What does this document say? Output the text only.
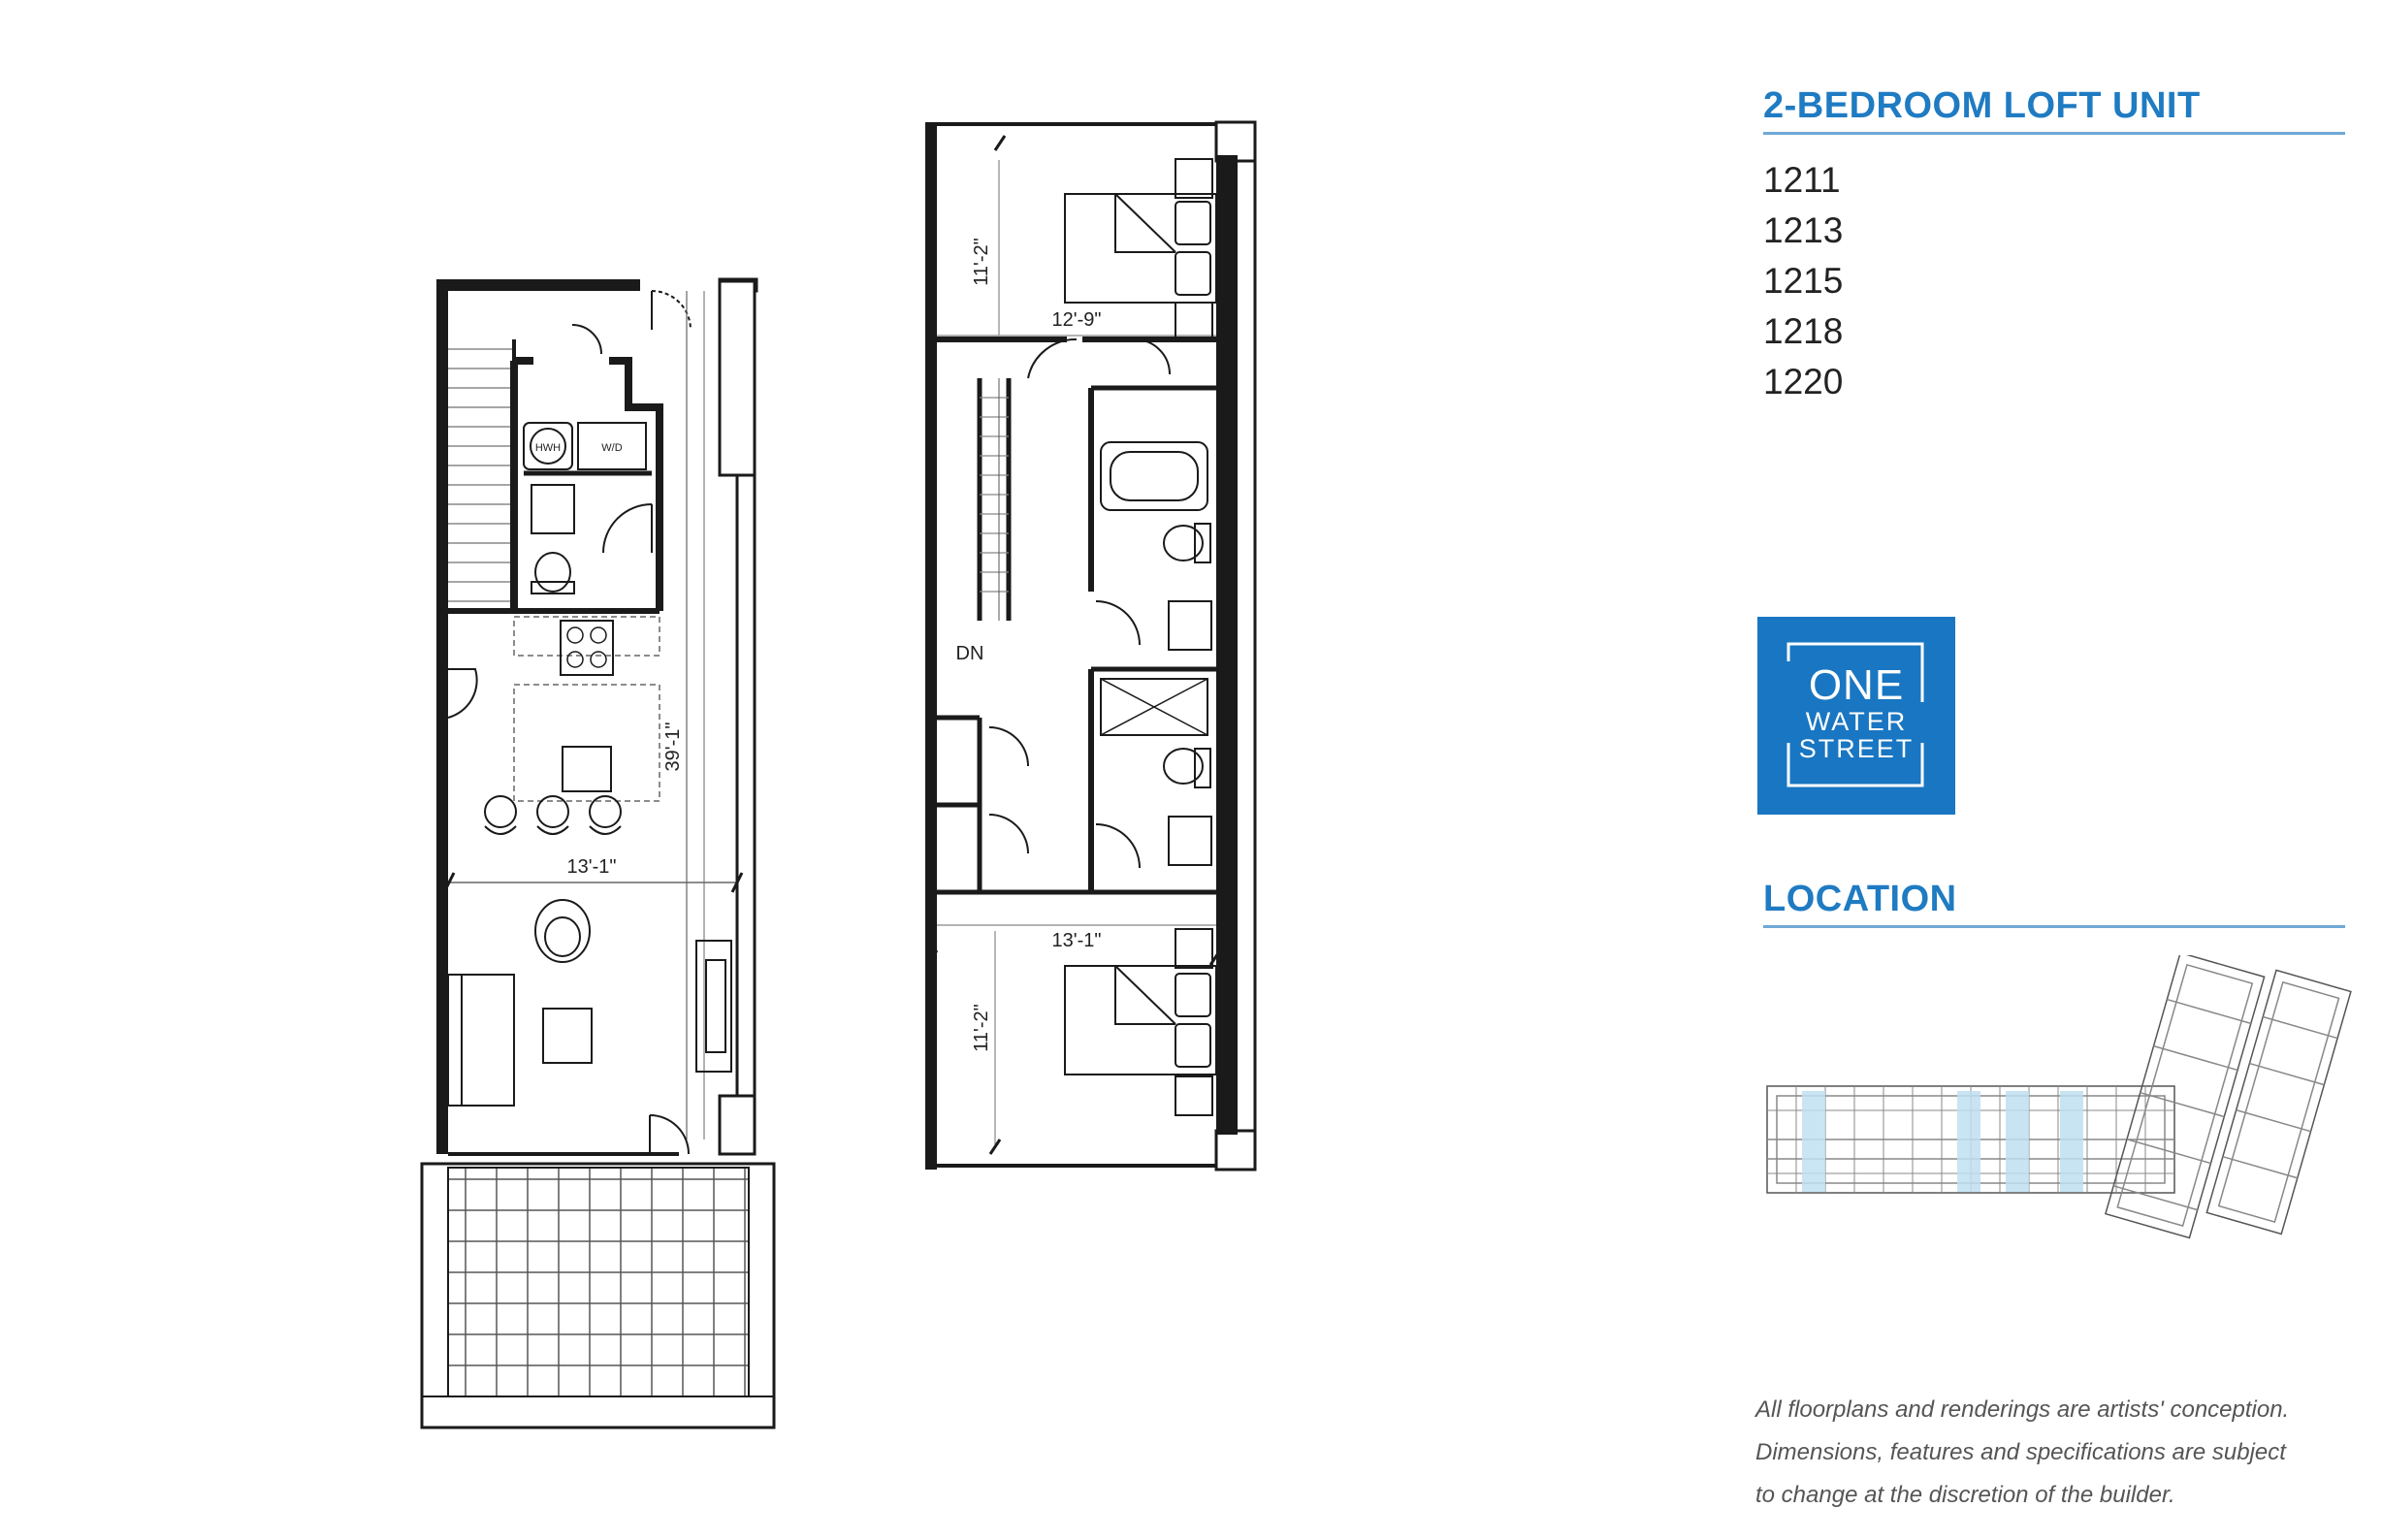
39'-1"
13'-1"
HWH	W/D
11'-2"
12'-9"
DN
13'-1"
11'-2"
2-BEDROOM LOFT UNIT
1211
1213
1215
1218
1220
ONE
WATER
STREET
LOCATION
All floorplans and renderings are artists' conception.
Dimensions, features and specifications are subject
to change at the discretion of the builder.
